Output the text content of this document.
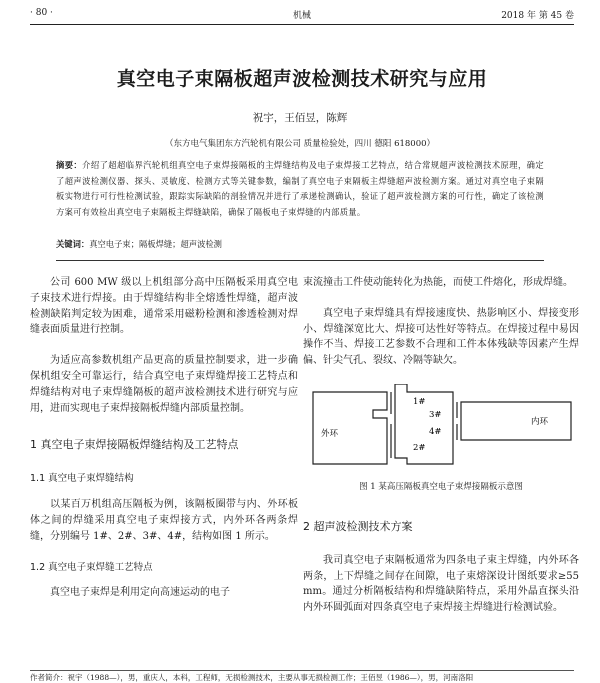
· 80 ·	机械	2018 年 第 45 卷
真空电子束隔板超声波检测技术研究与应用
祝宇，王佰昱，陈辉
（东方电气集团东方汽轮机有限公司 质量检验处，四川 德阳 618000）
摘要：介绍了超超临界汽轮机组真空电子束焊接隔板的主焊缝结构及电子束焊接工艺特点，结合常规超声波检测技术原理，确定了超声波检测仪器、探头、灵敏度、检测方式等关键参数，编制了真空电子束隔板主焊缝超声波检测方案。通过对真空电子束隔板实物进行可行性检测试验，跟踪实际缺陷的剖验情况并进行了承递检测确认，验证了超声波检测方案的可行性，确定了该检测方案可有效检出真空电子束隔板主焊缝缺陷，确保了隔板电子束焊缝的内部质量。
关键词：真空电子束；隔板焊缝；超声波检测

公司 600 MW 级以上机组部分高中压隔板采用真空电子束技术进行焊接。由于焊缝结构非全熔透性焊缝，超声波检测缺陷判定较为困难，通常采用磁粉检测和渗透检测对焊缝表面质量进行控制。

为适应高参数机组产品更高的质量控制要求，进一步确保机组安全可靠运行，结合真空电子束焊缝焊接工艺特点和焊缝结构对电子束焊缝隔板的超声波检测技术进行研究与应用，进而实现电子束焊接隔板焊缝内部质量控制。

1 真空电子束焊接隔板焊缝结构及工艺特点
1.1 真空电子束焊缝结构

以某百万机组高压隔板为例，该隔板圈带与内、外环板体之间的焊缝采用真空电子束焊接方式，内外环各两条焊缝，分别编号 1#、2#、3#、4#，结构如图 1 所示。

1.2 真空电子束焊缝工艺特点

真空电子束焊是利用定向高速运动的电子

束流撞击工件使动能转化为热能，而使工件熔化，形成焊缝。

真空电子束焊缝具有焊接速度快、热影响区小、焊接变形小、焊缝深宽比大、焊接可达性好等特点。在焊接过程中易因操作不当、焊接工艺参数不合理和工件本体残缺等因素产生焊偏、针尖气孔、裂纹、冷隔等缺欠。

外环
内环
1#
2#
3#
4#
图 1 某高压隔板真空电子束焊接隔板示意图
2 超声波检测技术方案

我司真空电子束隔板通常为四条电子束主焊缝，内外环各两条，上下焊缝之间存在间隙，电子束熔深设计图纸要求≥55 mm。通过分析隔板结构和焊缝缺陷特点，采用外晶直探头沿内外环圆弧面对四条真空电子束焊接主焊缝进行检测试验。

作者简介：祝宇（1988—），男，重庆人，本科，工程师，无损检测技术，主要从事无损检测工作；王佰昱（1986—），男，河南洛阳
